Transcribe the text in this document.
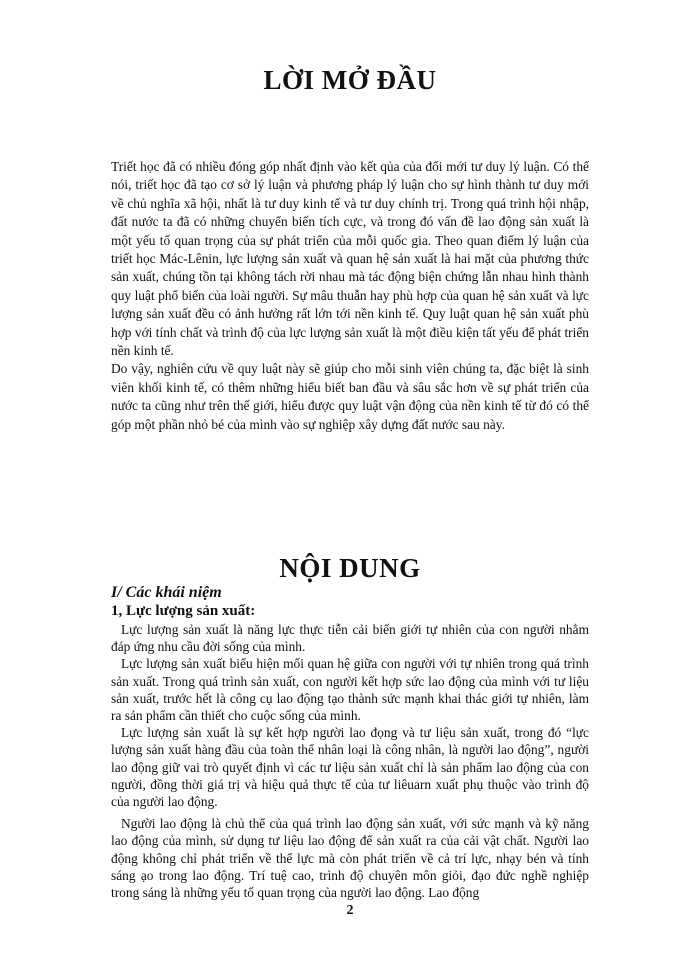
LỜI MỞ ĐẦU

Triết học đã có nhiều đóng góp nhất định vào kết qủa của đổi mới tư duy lý luận. Có thể nói, triết học đã tạo cơ sở lý luận và phương pháp lý luận cho sự hình thành tư duy mới về chủ nghĩa xã hội, nhất là tư duy kinh tế và tư duy chính trị. Trong quá trình hội nhập, đất nước ta đã có những chuyển biến tích cực, và trong đó vấn đề lao động sản xuất là một yếu tố quan trọng của sự phát triển của mỗi quốc gia. Theo quan điểm lý luận của triết học Mác-Lênin, lực lượng sản xuất và quan hệ sản xuất là hai mặt của phương thức sản xuất, chúng tồn tại không tách rời nhau mà tác động biện chứng lẫn nhau hình thành quy luật phổ biến của loài người. Sự mâu thuẫn hay phù hợp của quan hệ sản xuất và lực lượng sản xuất đều có ảnh hưởng rất lớn tới nền kinh tế. Quy luật quan hệ sản xuất phù hợp với tính chất và trình độ của lực lượng sản xuất là một điều kiện tất yếu để phát triển nền kinh tế.

Do vậy, nghiên cứu về quy luật này sẽ giúp cho mỗi sinh viên chúng ta, đặc biệt là sinh viên khối kinh tế, có thêm những hiểu biết ban đầu và sâu sắc hơn về sự phát triển của nước ta cũng như trên thế giới, hiểu được quy luật vận động của nền kinh tế từ đó có thể góp một phần nhỏ bé của mình vào sự nghiệp xây dựng đất nước sau này.

NỘI DUNG
I/ Các khái niệm
1, Lực lượng sản xuất:

Lực lượng sản xuất là năng lực thực tiễn cải biến giới tự nhiên của con người nhằm đáp ứng nhu cầu đời sống của mình.

Lực lượng sản xuất biểu hiện mối quan hệ giữa con người với tự nhiên trong quá trình sản xuất. Trong quá trình sản xuất, con người kết hợp sức lao động của mình với tư liệu sản xuất, trước hết là công cụ lao động tạo thành sức mạnh khai thác giới tự nhiên, làm ra sản phẩm cần thiết cho cuộc sống của mình.

Lực lượng sản xuất là sự kết hợp người lao đọng và tư liệu sản xuất, trong đó “lực lượng sản xuất hàng đầu của toàn thể nhân loại là công nhân, là người lao động”, người lao động giữ vai trò quyết định vì các tư liệu sản xuất chỉ là sản phẩm lao động của con người, đồng thời giá trị và hiệu quả thực tế của tư liêuarn xuất phụ thuộc vào trình độ của người lao động.

Người lao động là chủ thể của quá trình lao động sản xuất, với sức mạnh và kỹ năng lao động của mình, sử dụng tư liệu lao động để sản xuất ra của cải vật chất. Người lao động không chỉ phát triển về thể lực mà còn phát triển về cả trí lực, nhạy bén và tính sáng ạo trong lao động. Trí tuệ cao, trình độ chuyên môn giỏi, đạo đức nghề nghiệp trong sáng là những yếu tố quan trọng của người lao động. Lao động

2
